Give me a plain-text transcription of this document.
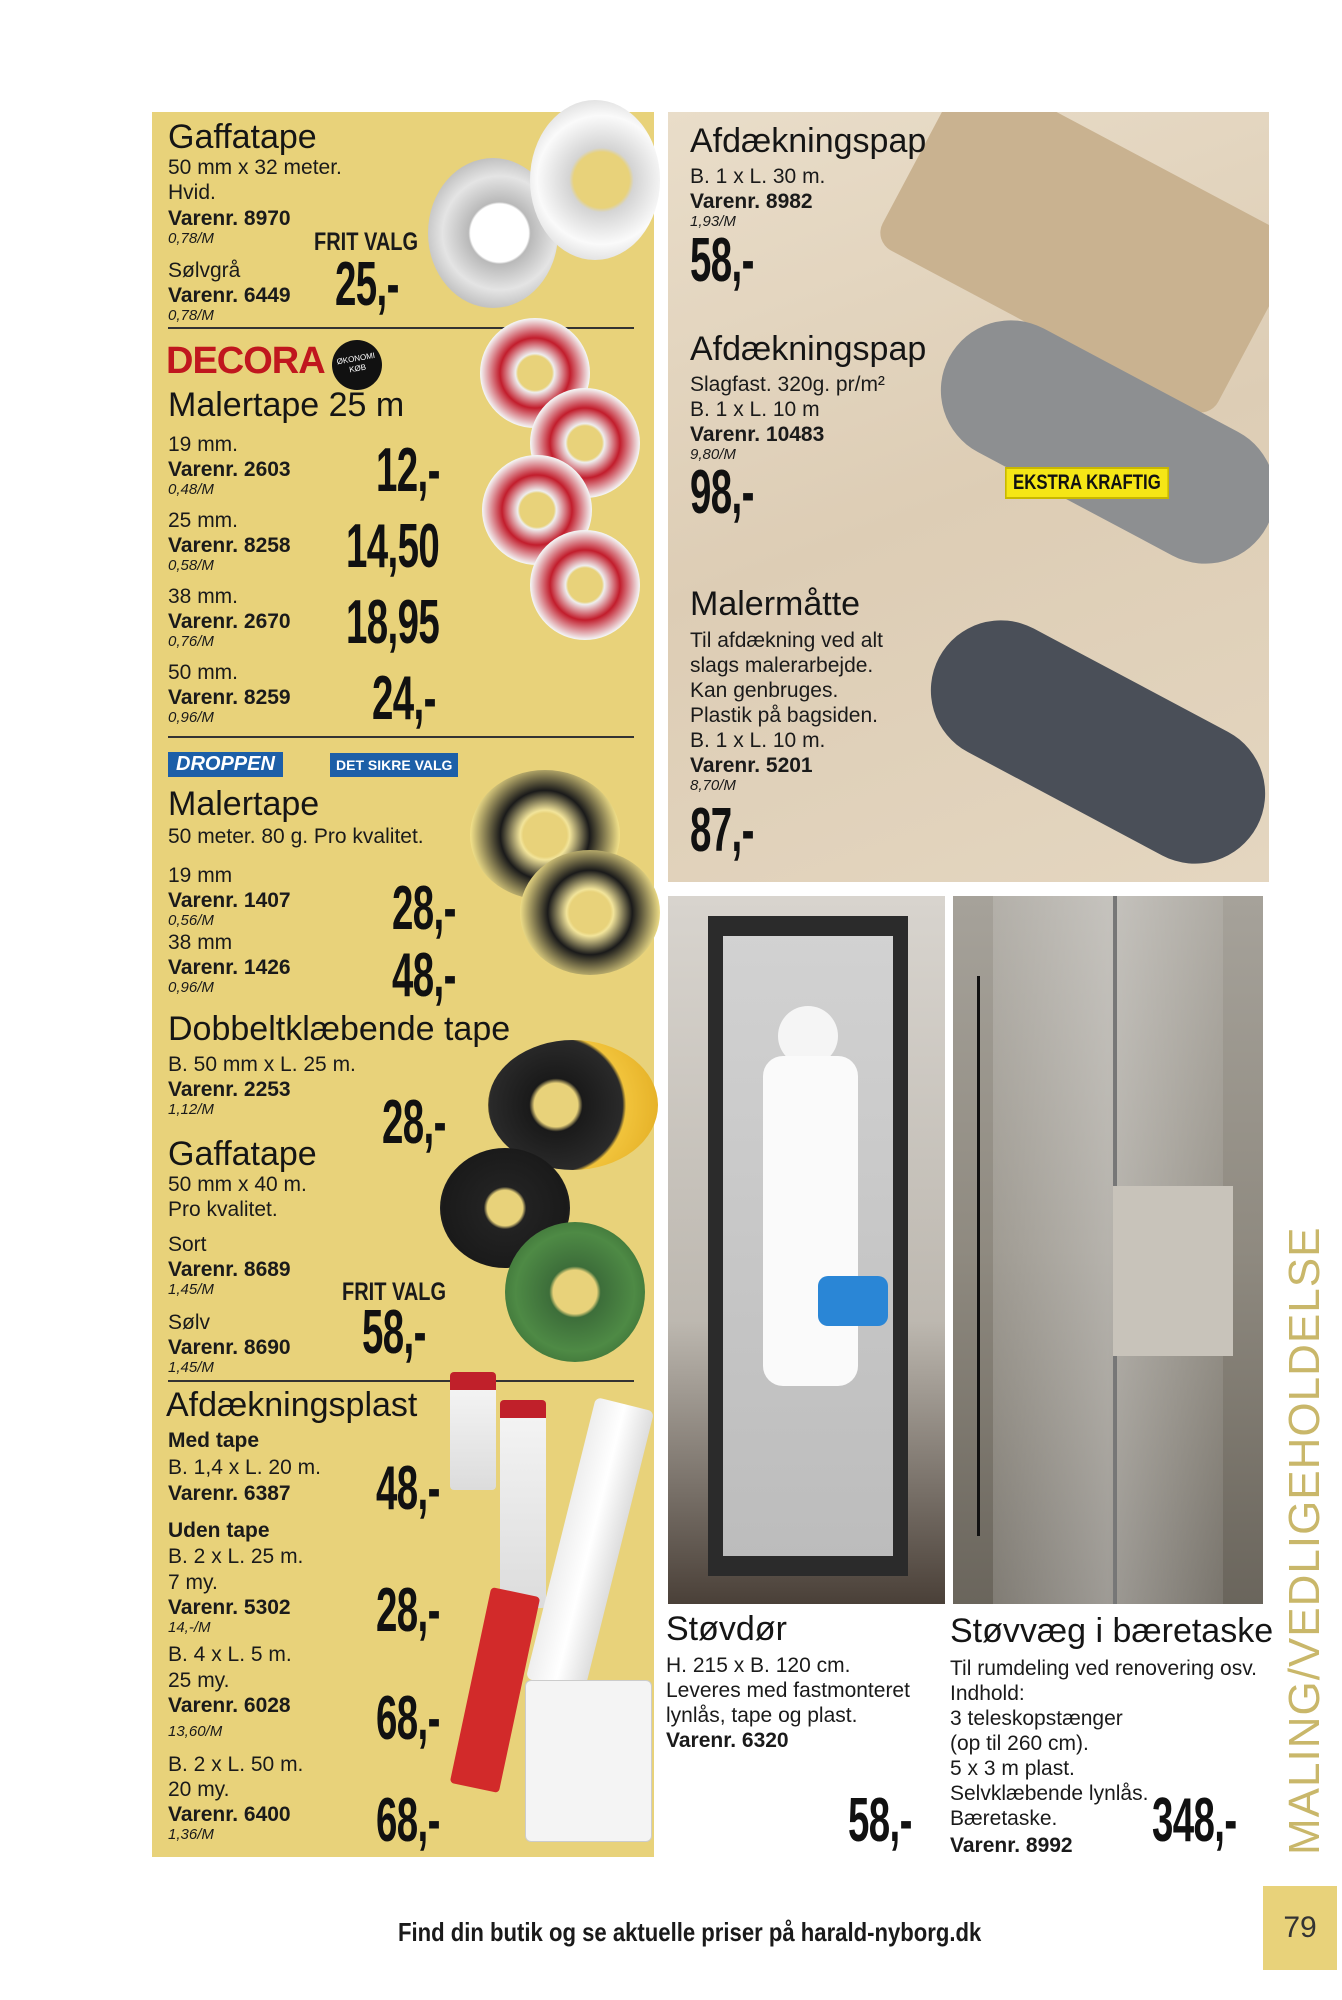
Gaffatape
50 mm x 32 meter.
Hvid.
Varenr. 8970
0,78/M
Sølvgrå
Varenr. 6449
0,78/M
FRIT VALG
25,-
DECORA	ØKONOMI KØB
Malertape 25 m
19 mm.
Varenr. 2603
0,48/M	12,-
25 mm.
Varenr. 8258
0,58/M 14,50
38 mm.
Varenr. 2670
0,76/M 18,95
50 mm.
Varenr. 8259
0,96/M	24,-
DROPPEN	DET SIKRE VALG
Malertape
50 meter. 80 g. Pro kvalitet.
19 mm
Varenr. 1407
0,56/M	28,-
38 mm
Varenr. 1426
0,96/M	48,-
Dobbeltklæbende tape
B. 50 mm x L. 25 m.
Varenr. 2253
1,12/M	28,-
Gaffatape
50 mm x 40 m.
Pro kvalitet.
Sort
Varenr. 8689
1,45/M	FRIT VALG
Sølv
Varenr. 8690
1,45/M
58,-
Afdækningsplast
Med tape
B. 1,4 x L. 20 m.
Varenr. 6387 48,-
Uden tape
B. 2 x L. 25 m.
7 my.
Varenr. 5302
14,-/M	28,-
B. 4 x L. 5 m.
25 my.
Varenr. 6028
13,60/M 68,-
B. 2 x L. 50 m.
20 my.
Varenr. 6400
1,36/M	68,-
Afdækningspap
B. 1 x L. 30 m.
Varenr. 8982
1,93/M
58,-
Afdækningspap
Slagfast. 320g. pr/m²
B. 1 x L. 10 m
Varenr. 10483
9,80/M
98,-	EKSTRA KRAFTIG
Malermåtte
Til afdækning ved alt
slags malerarbejde.
Kan genbruges.
Plastik på bagsiden.
B. 1 x L. 10 m.
Varenr. 5201
8,70/M
87,-
Støvdør
H. 215 x B. 120 cm.
Leveres med fastmonteret
lynlås, tape og plast.
Varenr. 6320
58,-
Støvvæg i bæretaske
Til rumdeling ved renovering osv.
Indhold:
3 teleskopstænger
(op til 260 cm).
5 x 3 m plast.
Selvklæbende lynlås.
Bæretaske.
Varenr. 8992 348,- MALING/VEDLIGEHOLDELSE
Find din butik og se aktuelle priser på harald-nyborg.dk	79
